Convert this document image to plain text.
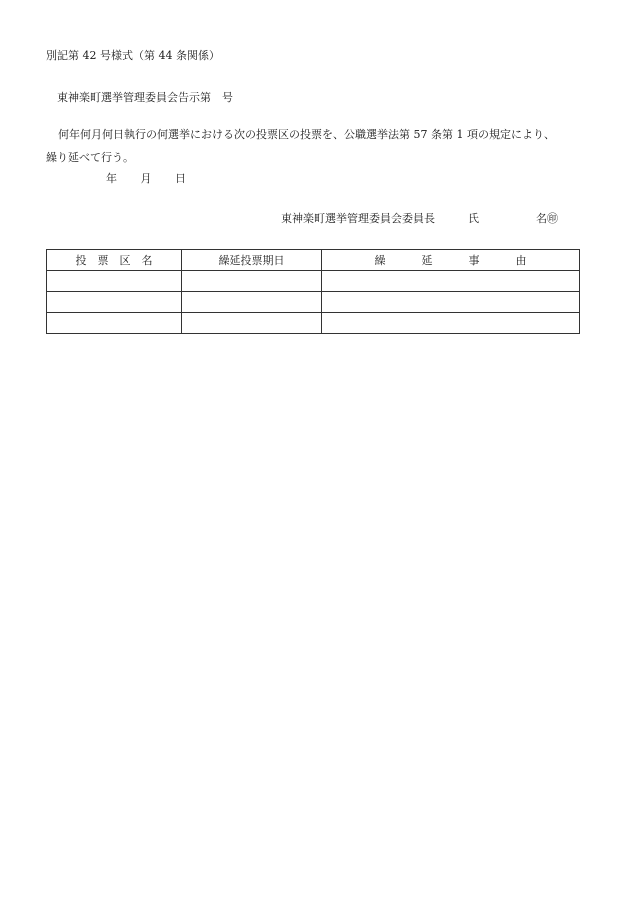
別記第 42 号様式（第 44 条関係）
東神楽町選挙管理委員会告示第　号
何年何月何日執行の何選挙における次の投票区の投票を、公職選挙法第 57 条第 1 項の規定により、
繰り延べて行う。
年 月 日
東神楽町選挙管理委員会委員長	氏	名㊞
投票区名	繰延投票期日	繰延事由
